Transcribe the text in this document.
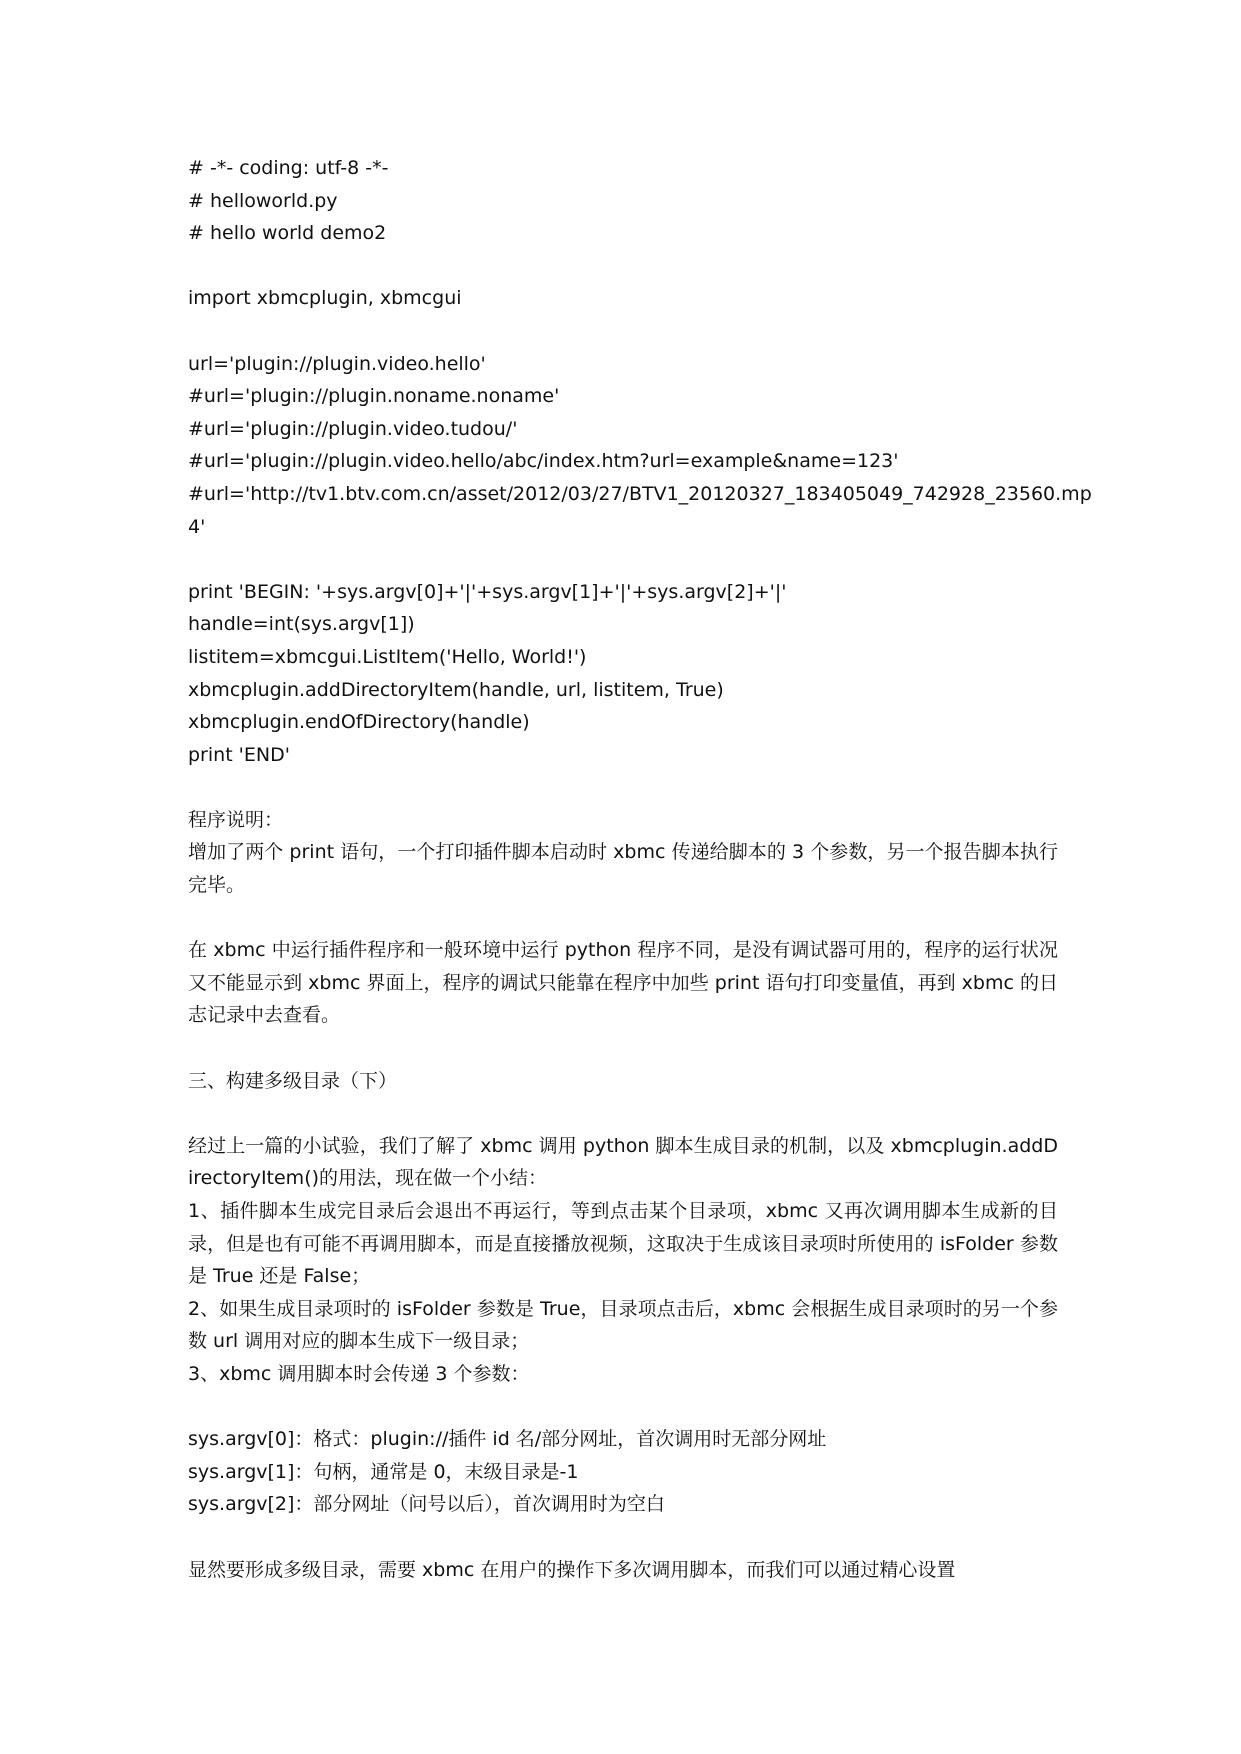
# -*- coding: utf-8 -*-
# helloworld.py
# hello world demo2
import xbmcplugin, xbmcgui
url='plugin://plugin.video.hello'
#url='plugin://plugin.noname.noname'
#url='plugin://plugin.video.tudou/'
#url='plugin://plugin.video.hello/abc/index.htm?url=example&name=123'
#url='http://tv1.btv.com.cn/asset/2012/03/27/BTV1_20120327_183405049_742928_23560.mp
4'
print 'BEGIN: '+sys.argv[0]+'|'+sys.argv[1]+'|'+sys.argv[2]+'|'
handle=int(sys.argv[1])
listitem=xbmcgui.ListItem('Hello, World!')
xbmcplugin.addDirectoryItem(handle, url, listitem, True)
xbmcplugin.endOfDirectory(handle)
print 'END'
程序说明：
增加了两个 print 语句，一个打印插件脚本启动时 xbmc 传递给脚本的 3 个参数，另一个报告脚本执行完毕。
在 xbmc 中运行插件程序和一般环境中运行 python 程序不同，是没有调试器可用的，程序的运行状况又不能显示到 xbmc 界面上，程序的调试只能靠在程序中加些 print 语句打印变量值，再到 xbmc 的日志记录中去查看。
三、构建多级目录（下）
经过上一篇的小试验，我们了解了 xbmc 调用 python 脚本生成目录的机制，以及 xbmcplugin.addDirectoryItem()的用法，现在做一个小结：
1、插件脚本生成完目录后会退出不再运行，等到点击某个目录项，xbmc 又再次调用脚本生成新的目录，但是也有可能不再调用脚本，而是直接播放视频，这取决于生成该目录项时所使用的 isFolder 参数是 True 还是 False；
2、如果生成目录项时的 isFolder 参数是 True，目录项点击后，xbmc 会根据生成目录项时的另一个参数 url 调用对应的脚本生成下一级目录；
3、xbmc 调用脚本时会传递 3 个参数：
sys.argv[0]：格式：plugin://插件 id 名/部分网址，首次调用时无部分网址
sys.argv[1]：句柄，通常是 0，末级目录是-1
sys.argv[2]：部分网址（问号以后），首次调用时为空白
显然要形成多级目录，需要 xbmc 在用户的操作下多次调用脚本，而我们可以通过精心设置
